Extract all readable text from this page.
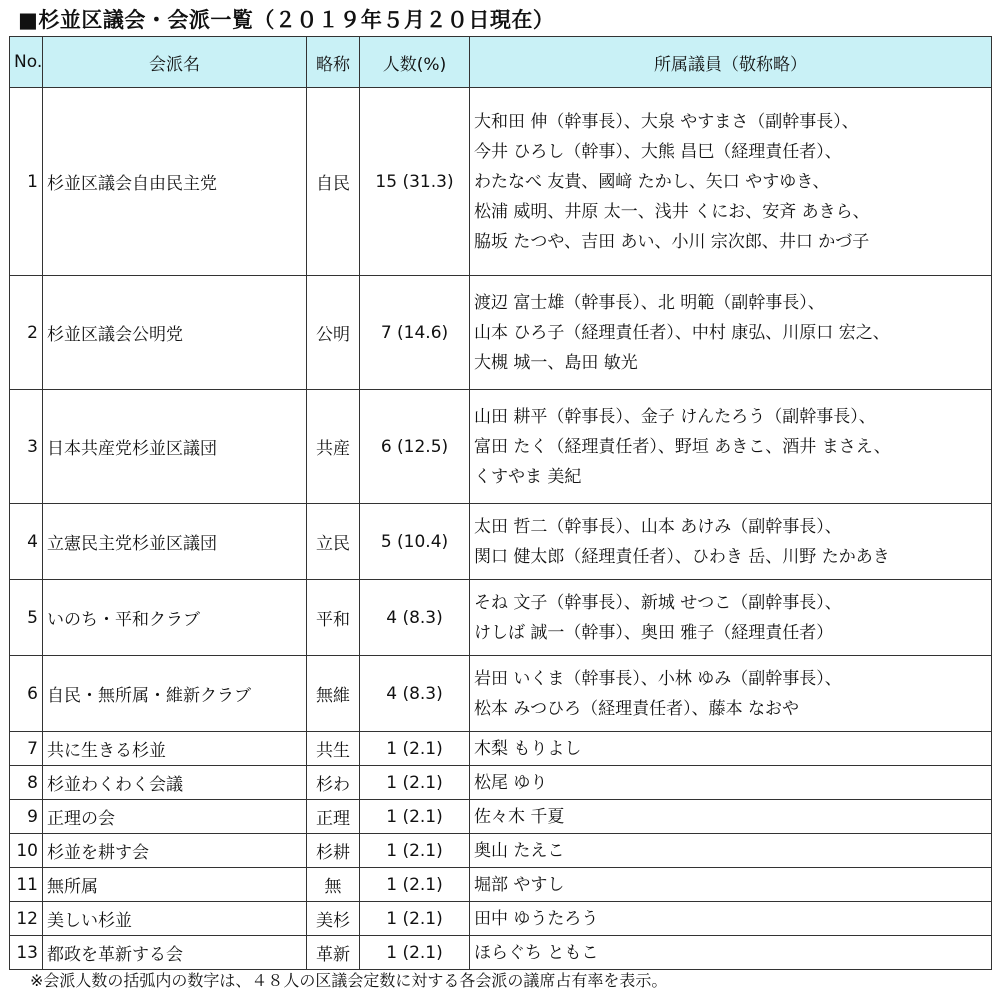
■杉並区議会・会派一覧（２０１９年５月２０日現在）
No.	会派名	略称	人数(%)	所属議員（敬称略）
1	杉並区議会自由民主党	自民	15 (31.3)	大和田 伸（幹事長）、大泉 やすまさ（副幹事長）、
今井 ひろし（幹事）、大熊 昌巳（経理責任者）、
わたなべ 友貴、國﨑 たかし、矢口 やすゆき、
松浦 威明、井原 太一、浅井 くにお、安斉 あきら、
脇坂 たつや、吉田 あい、小川 宗次郎、井口 かづ子

2	杉並区議会公明党	公明	7 (14.6)	渡辺 富士雄（幹事長）、北 明範（副幹事長）、
山本 ひろ子（経理責任者）、中村 康弘、川原口 宏之、
大槻 城一、島田 敏光

3	日本共産党杉並区議団	共産	6 (12.5)	山田 耕平（幹事長）、金子 けんたろう（副幹事長）、
富田 たく（経理責任者）、野垣 あきこ、酒井 まさえ、
くすやま 美紀

4	立憲民主党杉並区議団	立民	5 (10.4)	太田 哲二（幹事長）、山本 あけみ（副幹事長）、
関口 健太郎（経理責任者）、ひわき 岳、川野 たかあき

5	いのち・平和クラブ	平和	4 (8.3)	そね 文子（幹事長）、新城 せつこ（副幹事長）、
けしば 誠一（幹事）、奥田 雅子（経理責任者）

6	自民・無所属・維新クラブ	無維	4 (8.3)	岩田 いくま（幹事長）、小林 ゆみ（副幹事長）、
松本 みつひろ（経理責任者）、藤本 なおや

7	共に生きる杉並	共生	1 (2.1)	木梨 もりよし

8	杉並わくわく会議	杉わ	1 (2.1)	松尾 ゆり

9	正理の会	正理	1 (2.1)	佐々木 千夏

10	杉並を耕す会	杉耕	1 (2.1)	奥山 たえこ

11	無所属	無	1 (2.1)	堀部 やすし

12	美しい杉並	美杉	1 (2.1)	田中 ゆうたろう

13	都政を革新する会	革新	1 (2.1)	ほらぐち ともこ
※会派人数の括弧内の数字は、４８人の区議会定数に対する各会派の議席占有率を表示。
